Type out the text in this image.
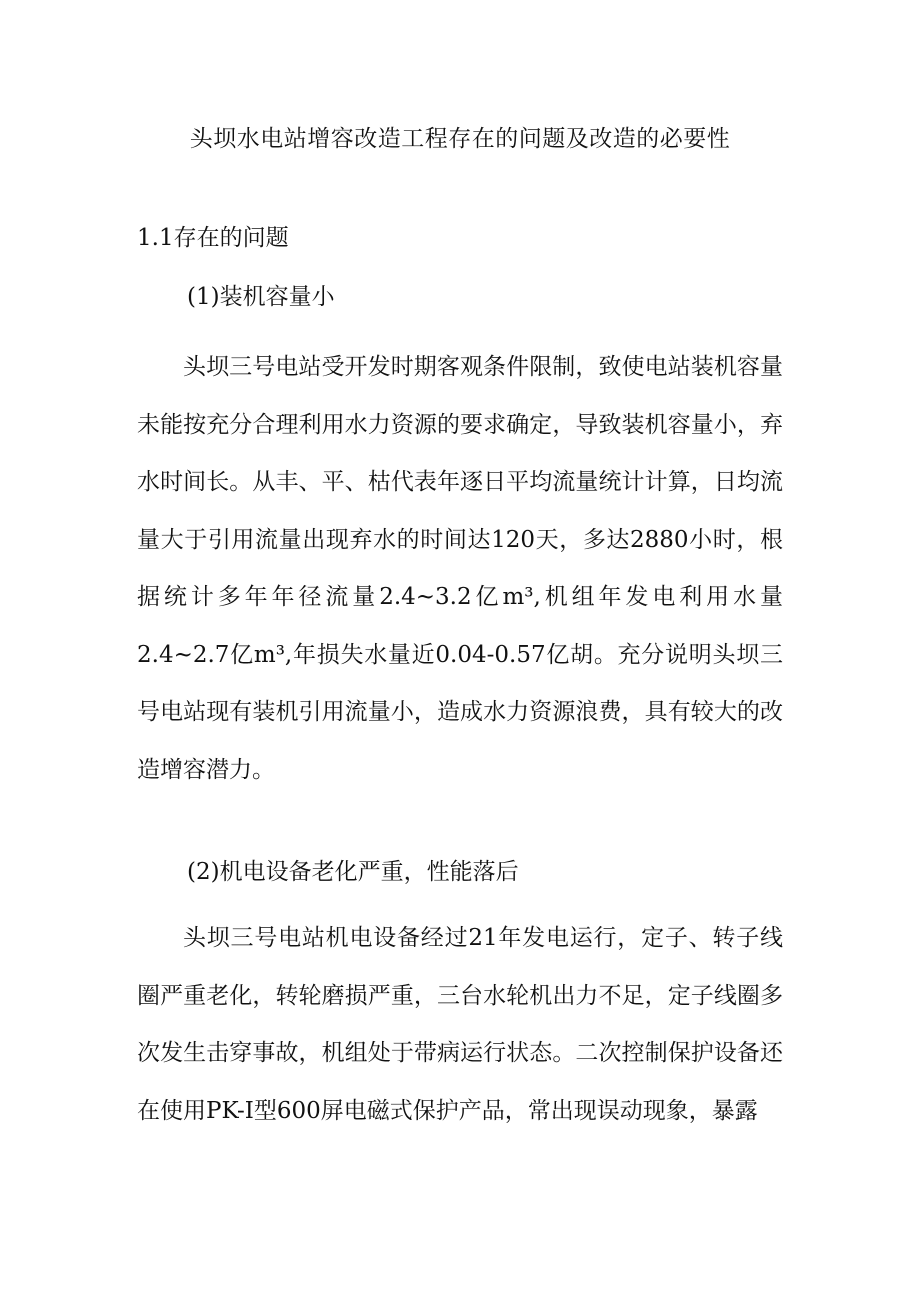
头坝水电站增容改造工程存在的问题及改造的必要性
1.1存在的问题
(1)装机容量小
头坝三号电站受开发时期客观条件限制，致使电站装机容量未能按充分合理利用水力资源的要求确定，导致装机容量小，弃水时间长。从丰、平、枯代表年逐日平均流量统计计算，日均流量大于引用流量出现弃水的时间达120天，多达2880小时，根据统计多年年径流量2.4~3.2亿m³,机组年发电利用水量2.4~2.7亿m³,年损失水量近0.04-0.57亿胡。充分说明头坝三号电站现有装机引用流量小，造成水力资源浪费，具有较大的改造增容潜力。
(2)机电设备老化严重，性能落后
头坝三号电站机电设备经过21年发电运行，定子、转子线圈严重老化，转轮磨损严重，三台水轮机出力不足，定子线圈多次发生击穿事故，机组处于带病运行状态。二次控制保护设备还在使用PK-I型600屏电磁式保护产品，常出现误动现象，暴露
